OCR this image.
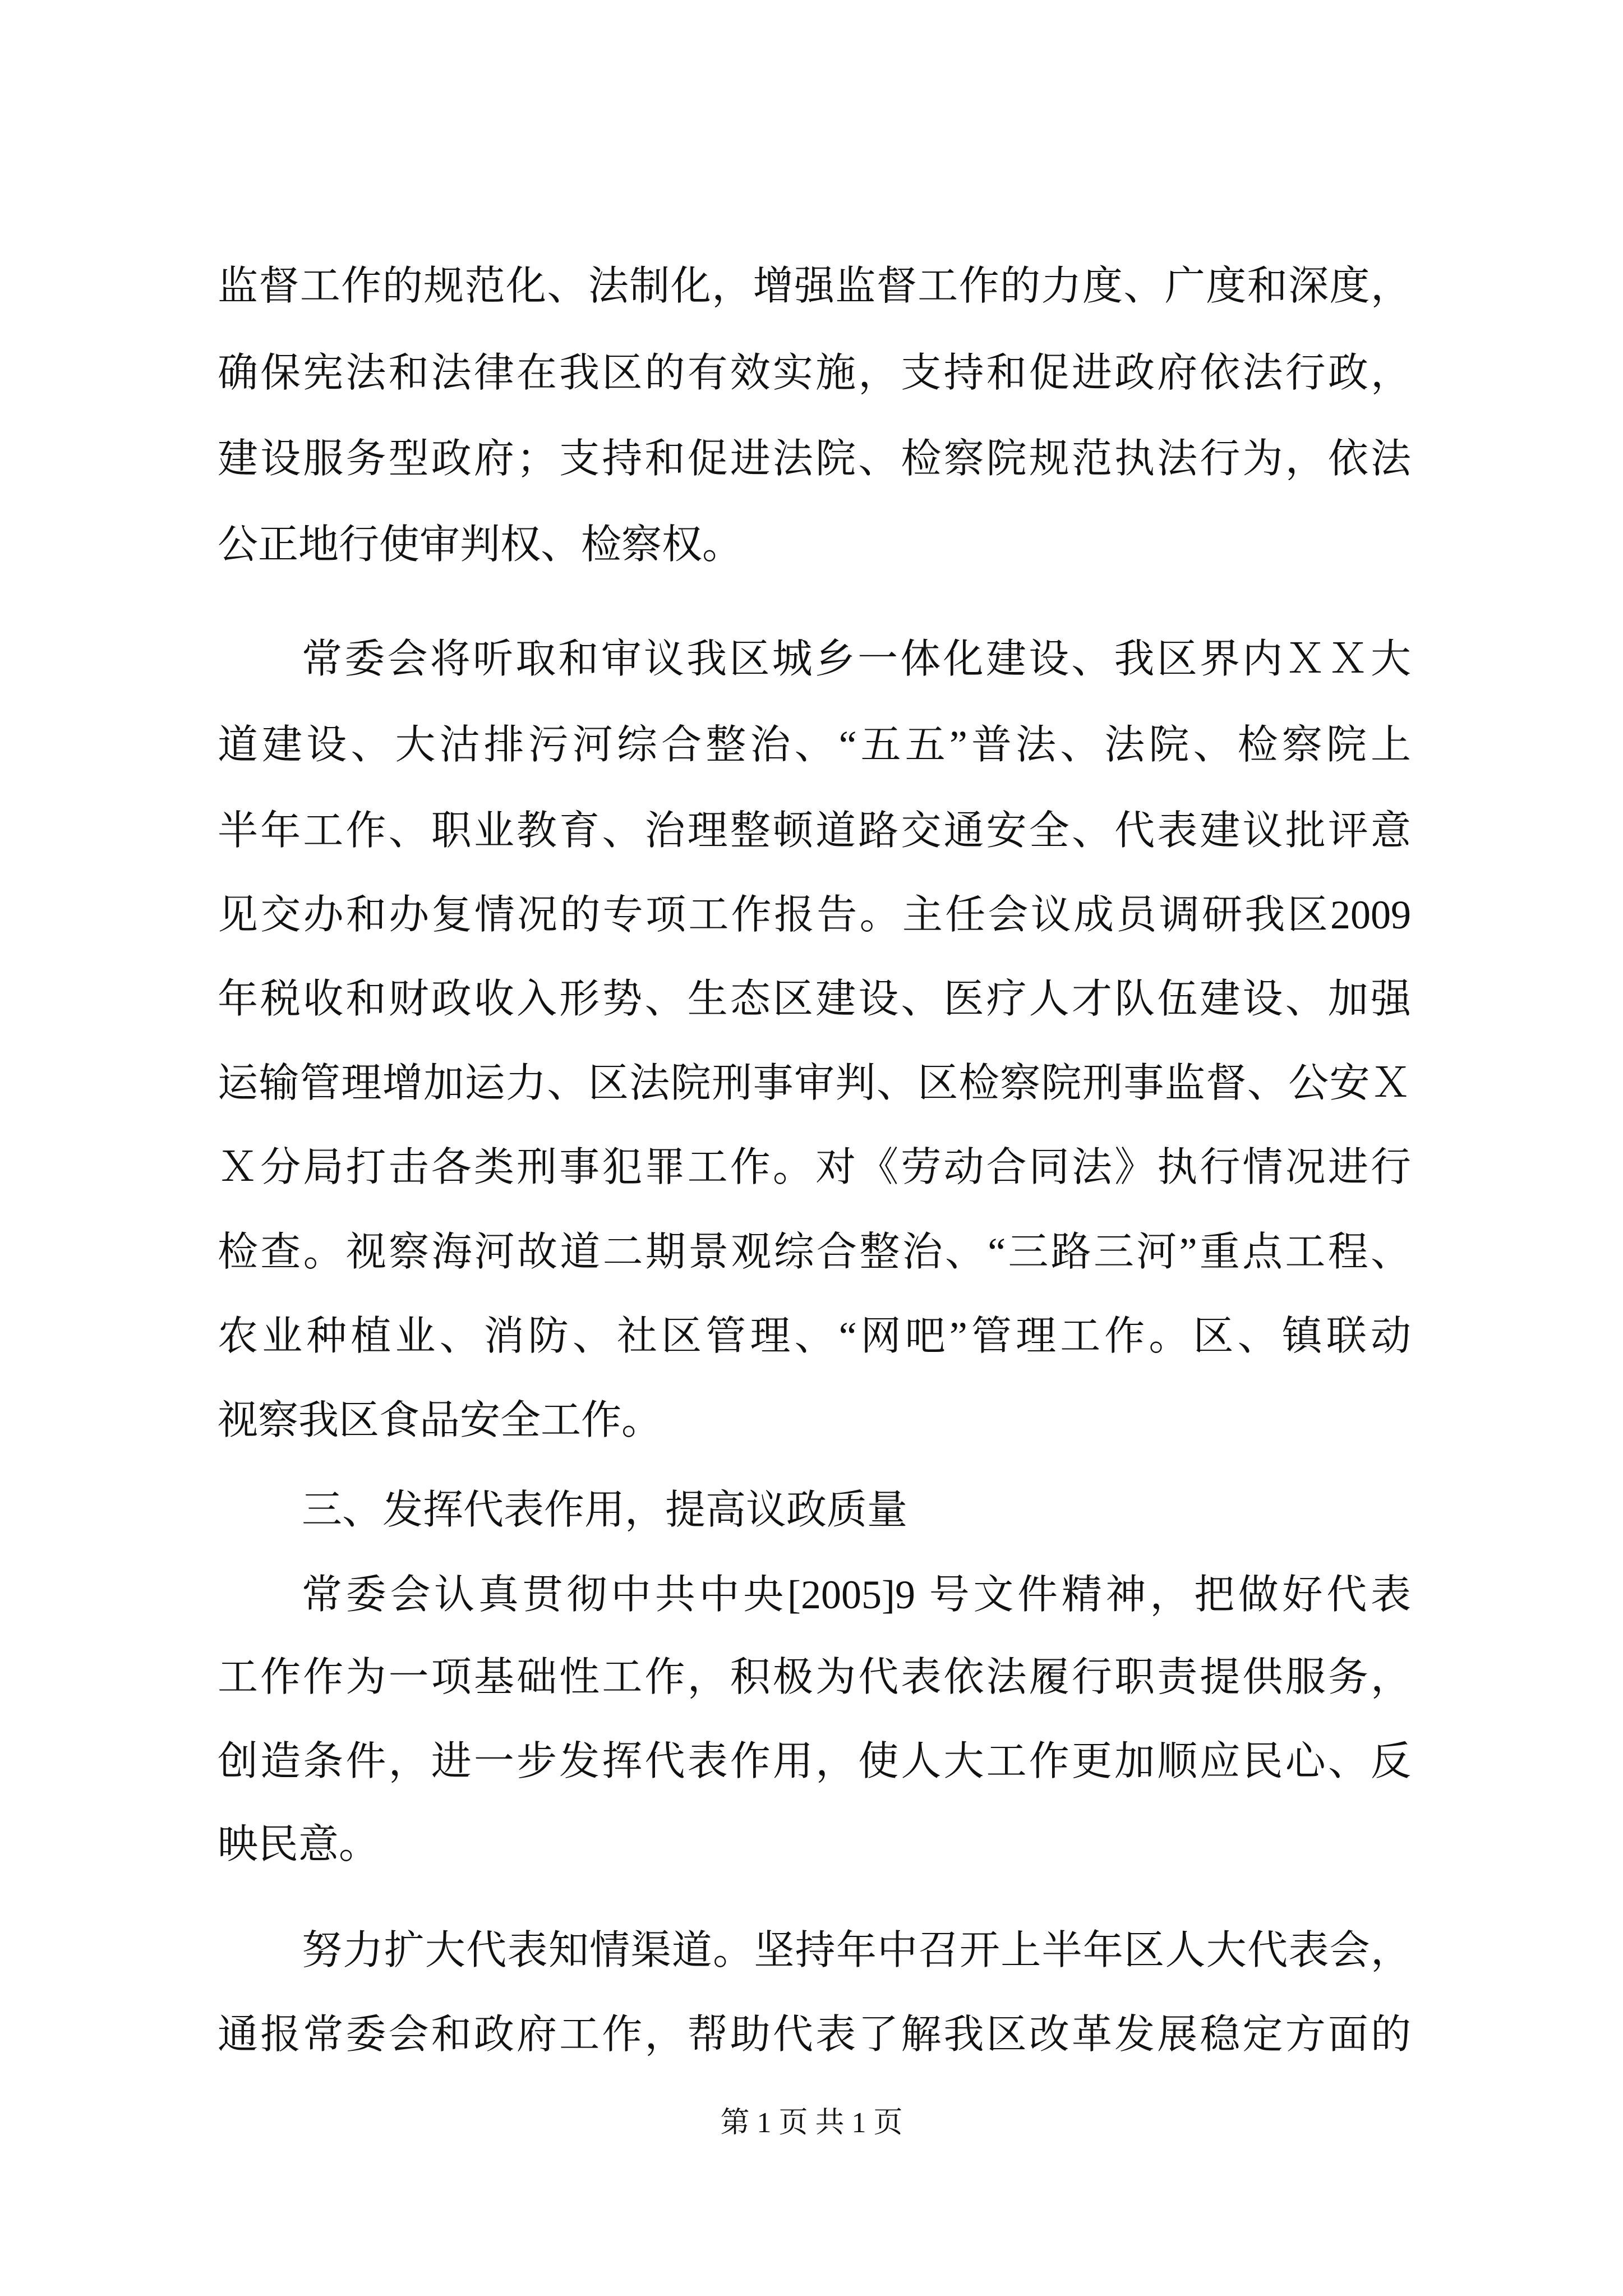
监督工作的规范化、法制化，增强监督工作的力度、广度和深度，
确保宪法和法律在我区的有效实施，支持和促进政府依法行政，
建设服务型政府；支持和促进法院、检察院规范执法行为，依法
公正地行使审判权、检察权。
常委会将听取和审议我区城乡一体化建设、我区界内ＸＸ大
道建设、大沽排污河综合整治、“五五”普法、法院、检察院上
半年工作、职业教育、治理整顿道路交通安全、代表建议批评意
见交办和办复情况的专项工作报告。主任会议成员调研我区2009
年税收和财政收入形势、生态区建设、医疗人才队伍建设、加强
运输管理增加运力、区法院刑事审判、区检察院刑事监督、公安Ｘ
Ｘ分局打击各类刑事犯罪工作。对《劳动合同法》执行情况进行
检查。视察海河故道二期景观综合整治、“三路三河”重点工程、
农业种植业、消防、社区管理、“网吧”管理工作。区、镇联动
视察我区食品安全工作。
三、发挥代表作用，提高议政质量
常委会认真贯彻中共中央[2005]9 号文件精神，把做好代表
工作作为一项基础性工作，积极为代表依法履行职责提供服务，
创造条件，进一步发挥代表作用，使人大工作更加顺应民心、反
映民意。
努力扩大代表知情渠道。坚持年中召开上半年区人大代表会，
通报常委会和政府工作，帮助代表了解我区改革发展稳定方面的
第 1 页 共 1 页
